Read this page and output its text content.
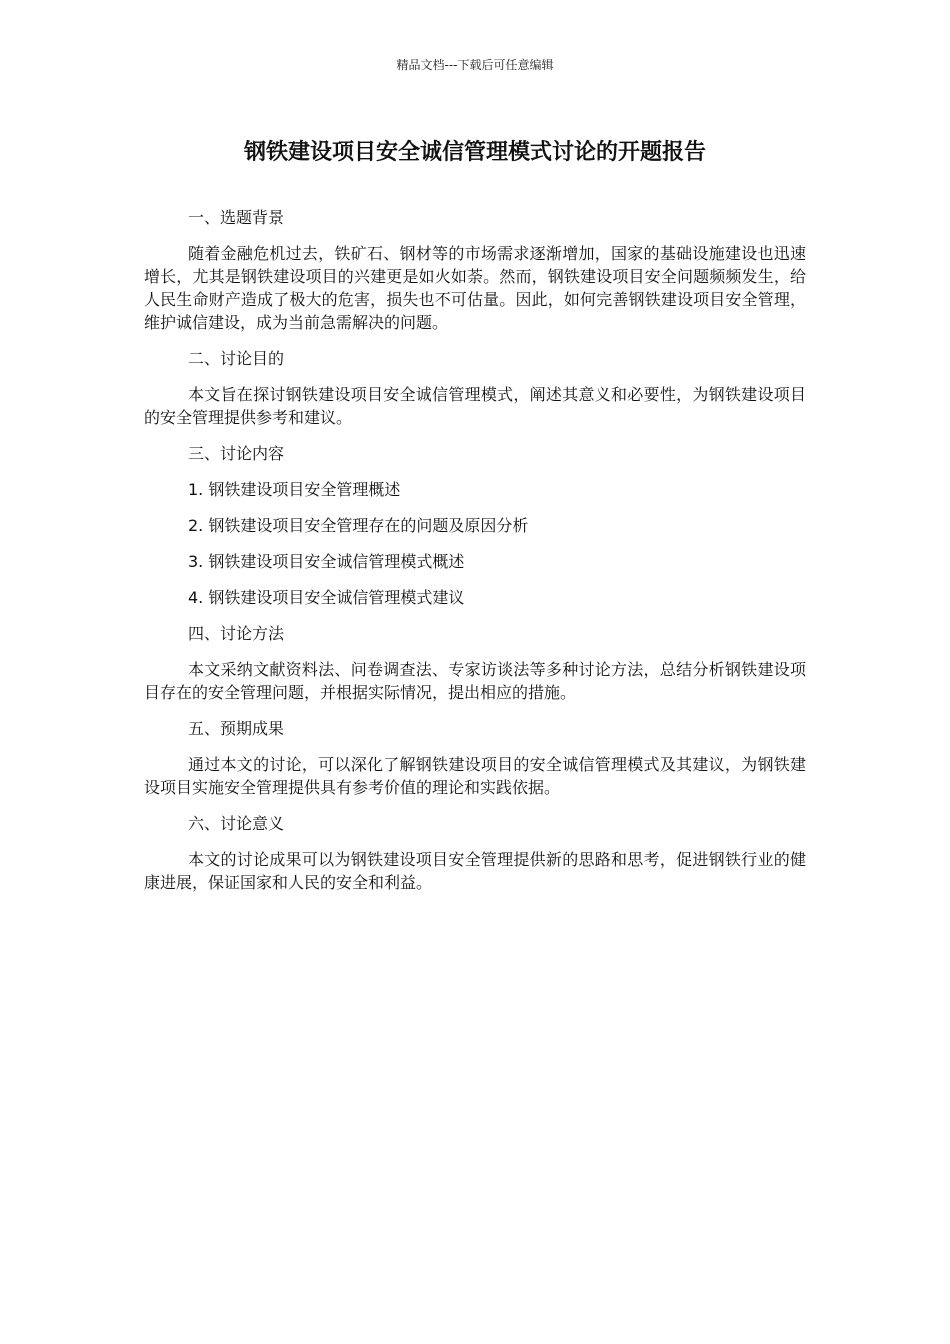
精品文档---下载后可任意编辑
钢铁建设项目安全诚信管理模式讨论的开题报告

一、选题背景

随着金融危机过去，铁矿石、钢材等的市场需求逐渐增加，国家的基础设施建设也迅速增长，尤其是钢铁建设项目的兴建更是如火如荼。然而，钢铁建设项目安全问题频频发生，给人民生命财产造成了极大的危害，损失也不可估量。因此，如何完善钢铁建设项目安全管理，维护诚信建设，成为当前急需解决的问题。

二、讨论目的

本文旨在探讨钢铁建设项目安全诚信管理模式，阐述其意义和必要性，为钢铁建设项目的安全管理提供参考和建议。

三、讨论内容

1. 钢铁建设项目安全管理概述

2. 钢铁建设项目安全管理存在的问题及原因分析

3. 钢铁建设项目安全诚信管理模式概述

4. 钢铁建设项目安全诚信管理模式建议

四、讨论方法

本文采纳文献资料法、问卷调查法、专家访谈法等多种讨论方法，总结分析钢铁建设项目存在的安全管理问题，并根据实际情况，提出相应的措施。

五、预期成果

通过本文的讨论，可以深化了解钢铁建设项目的安全诚信管理模式及其建议，为钢铁建设项目实施安全管理提供具有参考价值的理论和实践依据。

六、讨论意义

本文的讨论成果可以为钢铁建设项目安全管理提供新的思路和思考，促进钢铁行业的健康进展，保证国家和人民的安全和利益。
